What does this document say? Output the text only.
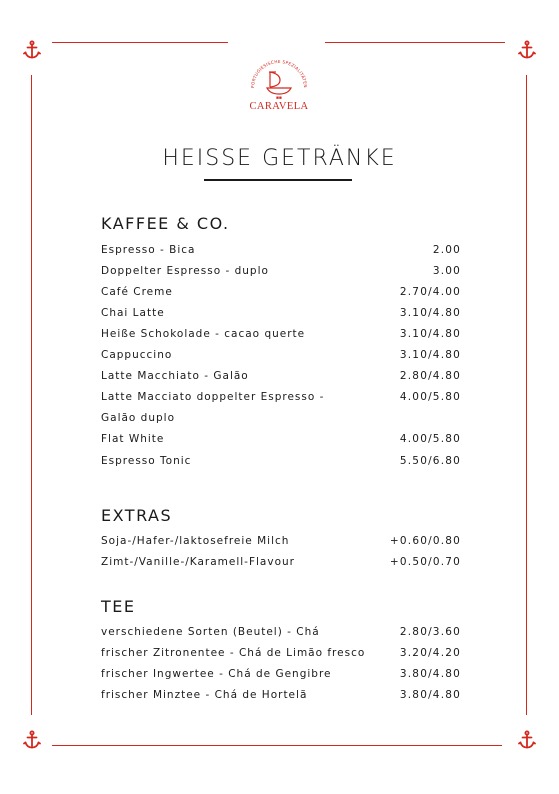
PORTUGIESISCHE SPEZIALITÄTEN
■■
CARAVELA
HEISSE GETRÄNKE
KAFFEE & CO.
Espresso - Bica	2.00
Doppelter Espresso - duplo	3.00
Café Creme	2.70/4.00
Chai Latte	3.10/4.80
Heiße Schokolade - cacao querte	3.10/4.80
Cappuccino	3.10/4.80
Latte Macchiato - Galão	2.80/4.80
Latte Macciato doppelter Espresso -	4.00/5.80
Galão duplo
Flat White	4.00/5.80
Espresso Tonic	5.50/6.80
EXTRAS
Soja-/Hafer-/laktosefreie Milch	+0.60/0.80
Zimt-/Vanille-/Karamell-Flavour	+0.50/0.70
TEE
verschiedene Sorten (Beutel) - Chá	2.80/3.60
frischer Zitronentee - Chá de Limão fresco	3.20/4.20
frischer Ingwertee - Chá de Gengibre	3.80/4.80
frischer Minztee - Chá de Hortelã	3.80/4.80
